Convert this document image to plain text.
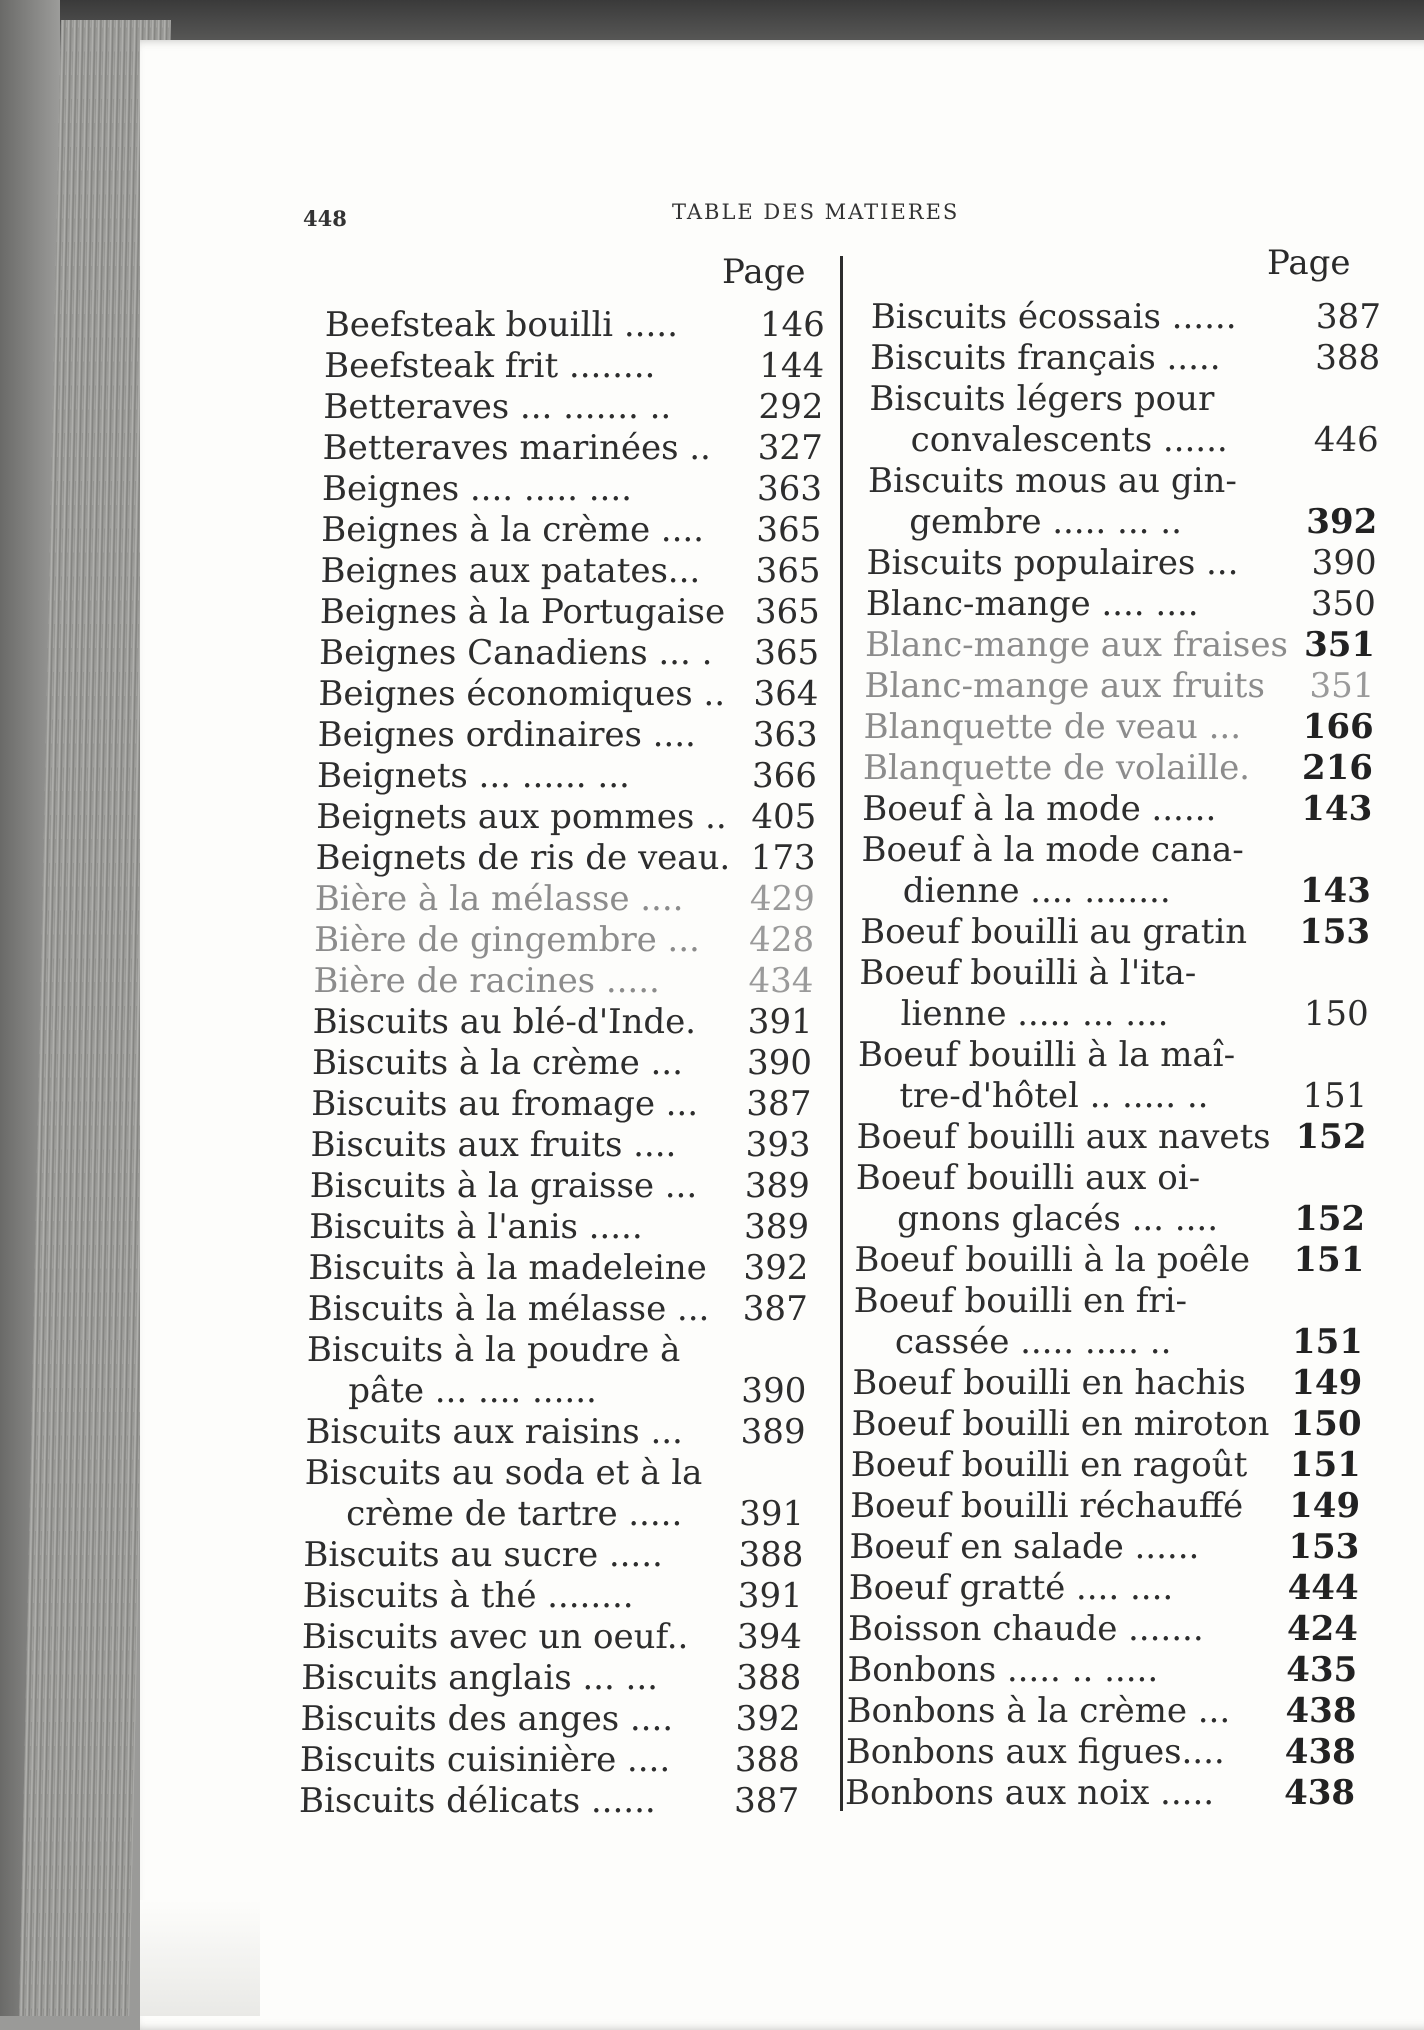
448	TABLE DES MATIERES
Page	Page
Beefsteak bouilli ..... 146
Beefsteak frit ........	144
Betteraves ... ....... ..	292
Betteraves marinées .. 327
Beignes .... ..... ....	363
Beignes à la crème .... 365
Beignes aux patates... 365
Beignes à la Portugaise 365
Beignes Canadiens ... . 365
Beignes économiques .. 364
Beignes ordinaires .... 363
Beignets ... ...... ...	366
Beignets aux pommes .. 405
Beignets de ris de veau. 173
Bière à la mélasse .... 429
Bière de gingembre ... 428
Bière de racines .....	434
Biscuits au blé-d'Inde. 391
Biscuits à la crème ... 390
Biscuits au fromage ... 387
Biscuits aux fruits .... 393
Biscuits à la graisse ... 389
Biscuits à l'anis .....	389
Biscuits à la madeleine 392
Biscuits à la mélasse ... 387
Biscuits à la poudre à
pâte ... .... ......	390
Biscuits aux raisins ... 389
Biscuits au soda et à la
crème de tartre ..... 391
Biscuits au sucre ..... 388
Biscuits à thé ........	391
Biscuits avec un oeuf.. 394
Biscuits anglais ... ... 388
Biscuits des anges .... 392
Biscuits cuisinière .... 388
Biscuits délicats ...... 387
Biscuits écossais ...... 387
Biscuits français .....	388
Biscuits légers pour
convalescents ......	446
Biscuits mous au gin-
gembre ..... ... ..	392
Biscuits populaires ... 390
Blanc-mange .... ....	350
Blanc-mange aux fraises 351
Blanc-mange aux fruits 351
Blanquette de veau ... 166
Blanquette de volaille. 216
Boeuf à la mode ...... 143
Boeuf à la mode cana-
dienne .... ........	143
Boeuf bouilli au gratin 153
Boeuf bouilli à l'ita-
lienne ..... ... ....	150
Boeuf bouilli à la maî-
tre-d'hôtel .. ..... ..	151
Boeuf bouilli aux navets 152
Boeuf bouilli aux oi-
gnons glacés ... .... 152
Boeuf bouilli à la poêle 151
Boeuf bouilli en fri-
cassée ..... ..... ..	151
Boeuf bouilli en hachis 149
Boeuf bouilli en miroton 150
Boeuf bouilli en ragoût 151
Boeuf bouilli réchauffé 149
Boeuf en salade ......	153
Boeuf gratté .... ....	444
Boisson chaude ....... 424
Bonbons ..... .. .....	435
Bonbons à la crème ... 438
Bonbons aux figues.... 438
Bonbons aux noix ..... 438
